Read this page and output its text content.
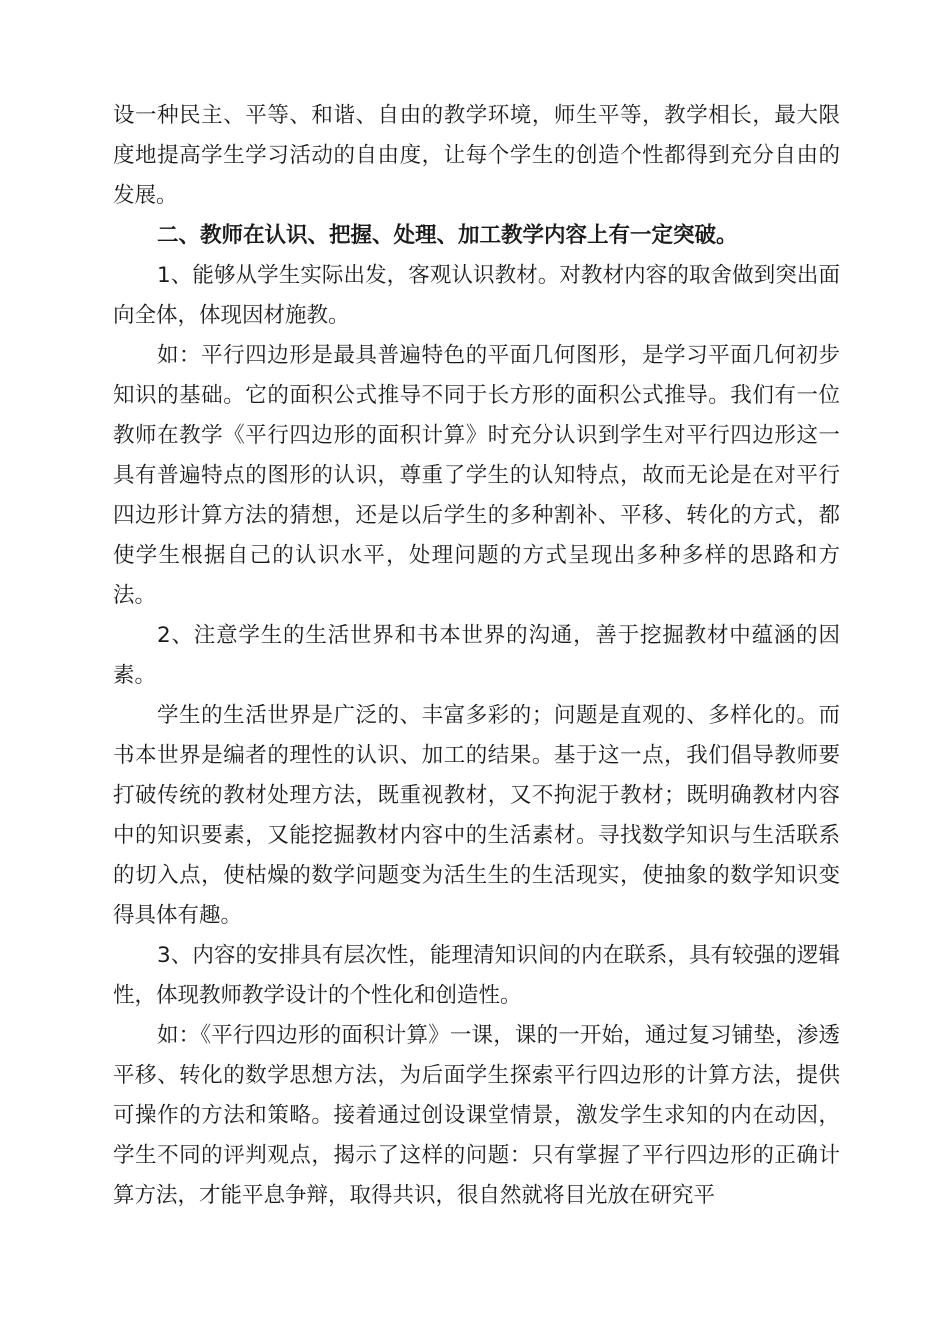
设一种民主、平等、和谐、自由的教学环境，师生平等，教学相长，最大限度地提高学生学习活动的自由度，让每个学生的创造个性都得到充分自由的发展。

二、教师在认识、把握、处理、加工教学内容上有一定突破。

1、能够从学生实际出发，客观认识教材。对教材内容的取舍做到突出面向全体，体现因材施教。

如：平行四边形是最具普遍特色的平面几何图形，是学习平面几何初步知识的基础。它的面积公式推导不同于长方形的面积公式推导。我们有一位教师在教学《平行四边形的面积计算》时充分认识到学生对平行四边形这一具有普遍特点的图形的认识，尊重了学生的认知特点，故而无论是在对平行四边形计算方法的猜想，还是以后学生的多种割补、平移、转化的方式，都使学生根据自己的认识水平，处理问题的方式呈现出多种多样的思路和方法。

2、注意学生的生活世界和书本世界的沟通，善于挖掘教材中蕴涵的因素。

学生的生活世界是广泛的、丰富多彩的；问题是直观的、多样化的。而书本世界是编者的理性的认识、加工的结果。基于这一点，我们倡导教师要打破传统的教材处理方法，既重视教材，又不拘泥于教材；既明确教材内容中的知识要素，又能挖掘教材内容中的生活素材。寻找数学知识与生活联系的切入点，使枯燥的数学问题变为活生生的生活现实，使抽象的数学知识变得具体有趣。

3、内容的安排具有层次性，能理清知识间的内在联系，具有较强的逻辑性，体现教师教学设计的个性化和创造性。

如：《平行四边形的面积计算》一课，课的一开始，通过复习铺垫，渗透平移、转化的数学思想方法，为后面学生探索平行四边形的计算方法，提供可操作的方法和策略。接着通过创设课堂情景，激发学生求知的内在动因，学生不同的评判观点，揭示了这样的问题：只有掌握了平行四边形的正确计算方法，才能平息争辩，取得共识，很自然就将目光放在研究平
